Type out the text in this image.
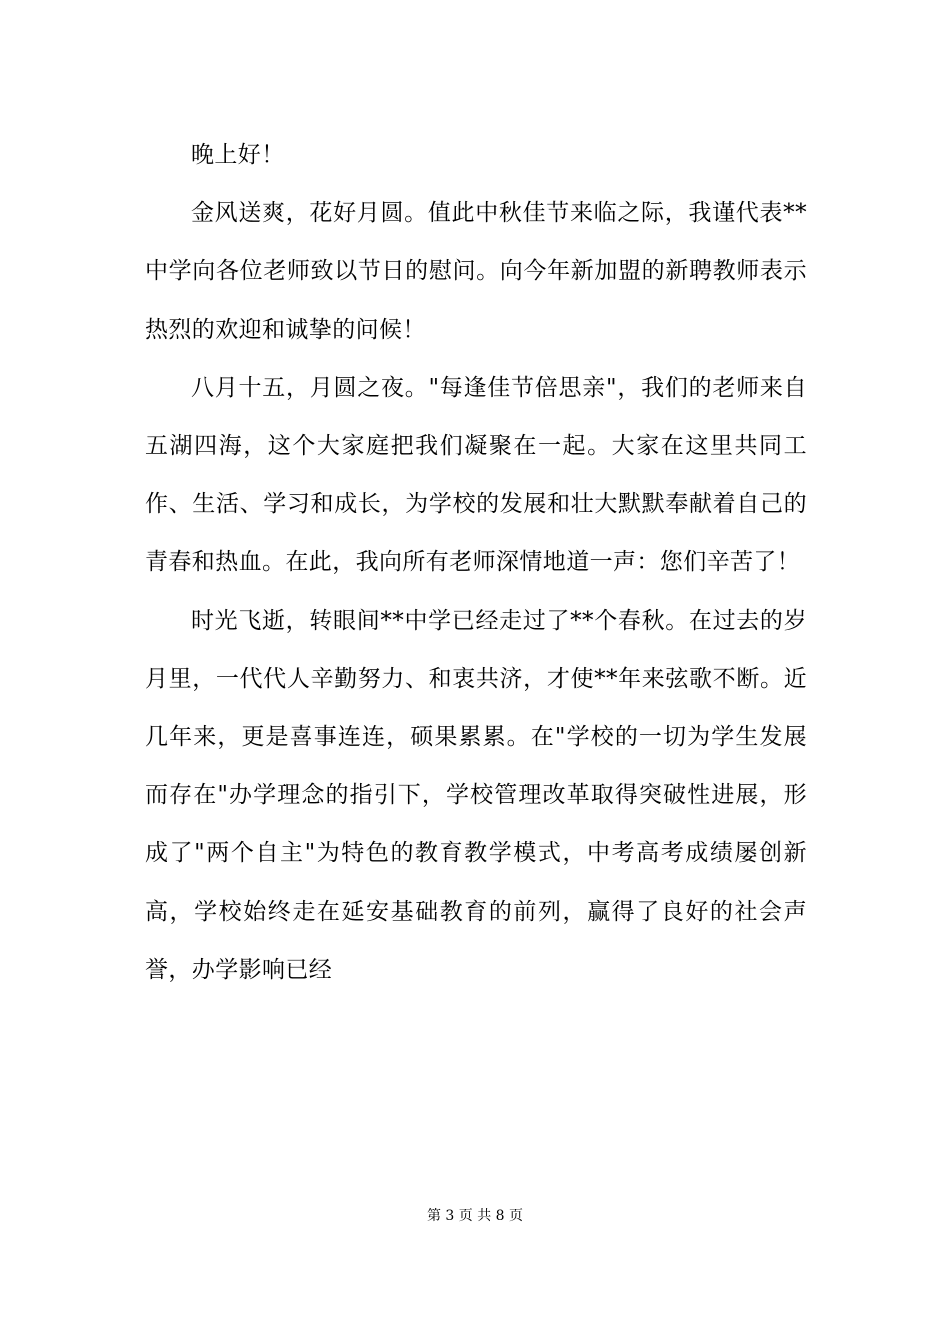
晚上好！

金风送爽，花好月圆。值此中秋佳节来临之际，我谨代表**中学向各位老师致以节日的慰问。向今年新加盟的新聘教师表示热烈的欢迎和诚挚的问候！

八月十五，月圆之夜。"每逢佳节倍思亲"，我们的老师来自五湖四海，这个大家庭把我们凝聚在一起。大家在这里共同工作、生活、学习和成长，为学校的发展和壮大默默奉献着自己的青春和热血。在此，我向所有老师深情地道一声：您们辛苦了！

时光飞逝，转眼间**中学已经走过了**个春秋。在过去的岁月里，一代代人辛勤努力、和衷共济，才使**年来弦歌不断。近几年来，更是喜事连连，硕果累累。在"学校的一切为学生发展而存在"办学理念的指引下，学校管理改革取得突破性进展，形成了"两个自主"为特色的教育教学模式，中考高考成绩屡创新高，学校始终走在延安基础教育的前列，赢得了良好的社会声誉，办学影响已经

第 3 页 共 8 页
